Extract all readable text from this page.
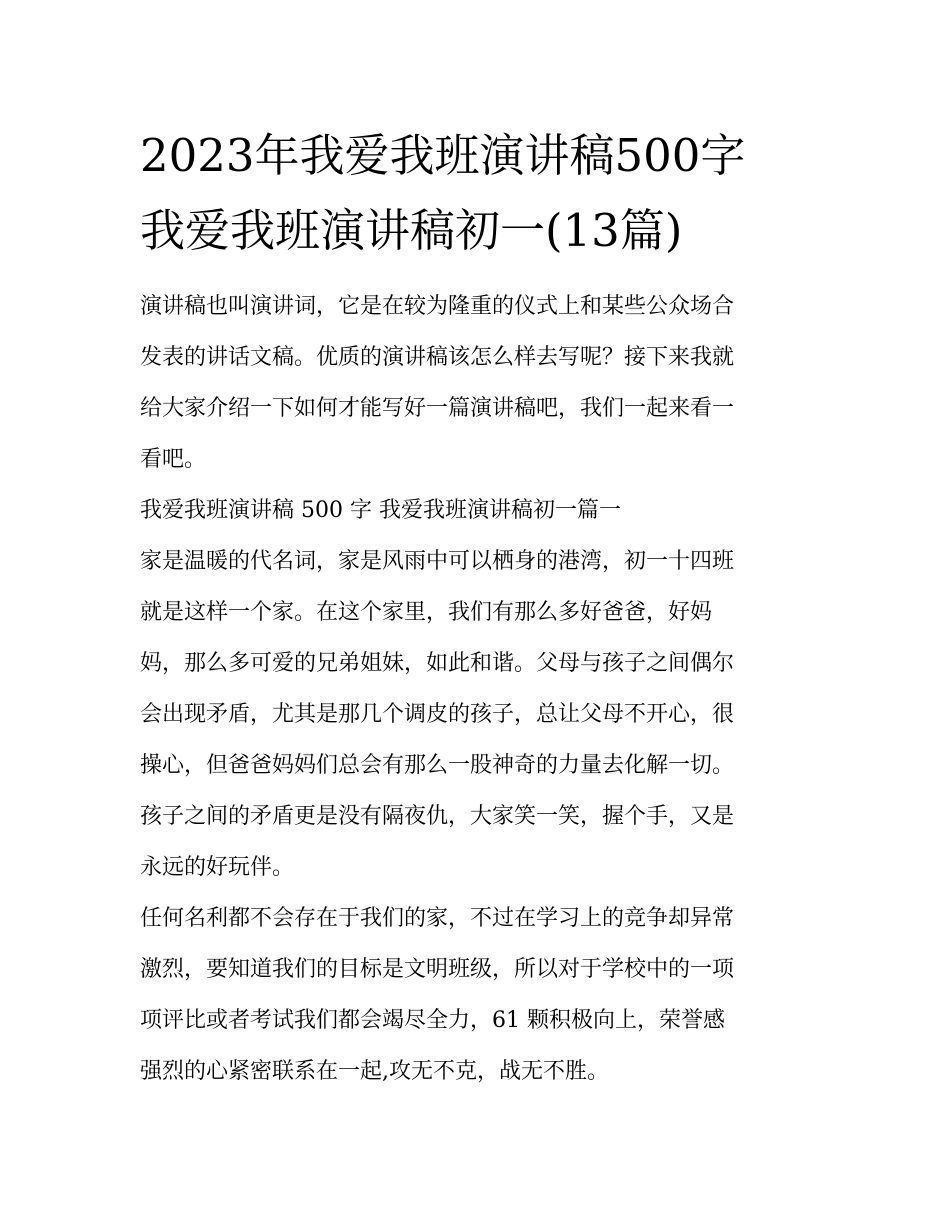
2023年我爱我班演讲稿500字
我爱我班演讲稿初一(13篇)

演讲稿也叫演讲词，它是在较为隆重的仪式上和某些公众场合
发表的讲话文稿。优质的演讲稿该怎么样去写呢？接下来我就
给大家介绍一下如何才能写好一篇演讲稿吧，我们一起来看一
看吧。

我爱我班演讲稿 500 字 我爱我班演讲稿初一篇一

家是温暖的代名词，家是风雨中可以栖身的港湾，初一十四班
就是这样一个家。在这个家里，我们有那么多好爸爸，好妈
妈，那么多可爱的兄弟姐妹，如此和谐。父母与孩子之间偶尔
会出现矛盾，尤其是那几个调皮的孩子，总让父母不开心，很
操心，但爸爸妈妈们总会有那么一股神奇的力量去化解一切。
孩子之间的矛盾更是没有隔夜仇，大家笑一笑，握个手，又是
永远的好玩伴。

任何名利都不会存在于我们的家，不过在学习上的竞争却异常
激烈，要知道我们的目标是文明班级，所以对于学校中的一项
项评比或者考试我们都会竭尽全力，61 颗积极向上，荣誉感
强烈的心紧密联系在一起,攻无不克，战无不胜。
